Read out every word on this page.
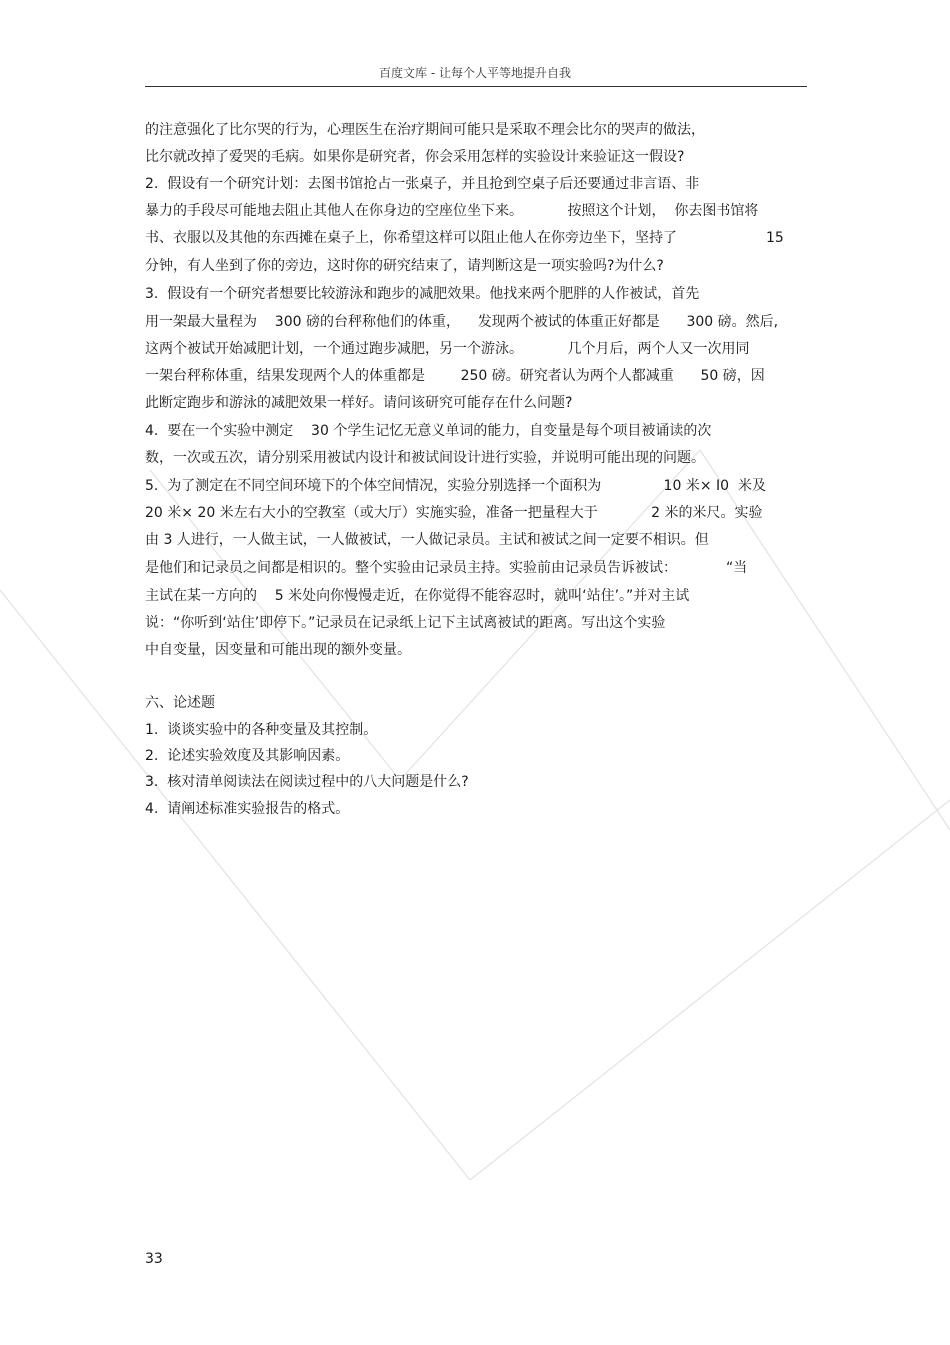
百度文库 - 让每个人平等地提升自我
的注意强化了比尔哭的行为，心理医生在治疗期间可能只是采取不理会比尔的哭声的做法，
比尔就改掉了爱哭的毛病。如果你是研究者，你会采用怎样的实验设计来验证这一假设?
2.  假设有一个研究计划：去图书馆抢占一张桌子，并且抢到空桌子后还要通过非言语、非
暴力的手段尽可能地去阻止其他人在你身边的空座位坐下来。          按照这个计划，  你去图书馆将
书、衣服以及其他的东西摊在桌子上，你希望这样可以阻止他人在你旁边坐下，坚持了                    15
分钟，有人坐到了你的旁边，这时你的研究结束了，请判断这是一项实验吗?为什么?
3.  假设有一个研究者想要比较游泳和跑步的减肥效果。他找来两个肥胖的人作被试，首先
用一架最大量程为    300 磅的台秤称他们的体重，    发现两个被试的体重正好都是      300 磅。然后,
这两个被试开始减肥计划，一个通过跑步减肥，另一个游泳。          几个月后，两个人又一次用同
一架台秤称体重，结果发现两个人的体重都是        250 磅。研究者认为两个人都减重      50 磅，因
此断定跑步和游泳的减肥效果一样好。请问该研究可能存在什么问题?
4.  要在一个实验中测定    30 个学生记忆无意义单词的能力，自变量是每个项目被诵读的次
数，一次或五次，请分别采用被试内设计和被试间设计进行实验，并说明可能出现的问题。
5.  为了测定在不同空间环境下的个体空间情况，实验分别选择一个面积为              10 米× I0  米及
20 米× 20 米左右大小的空教室（或大厅）实施实验，准备一把量程大于            2 米的米尺。实验
由 3 人进行，一人做主试，一人做被试，一人做记录员。主试和被试之间一定要不相识。但
是他们和记录员之间都是相识的。整个实验由记录员主持。实验前由记录员告诉被试：           “当
主试在某一方向的    5 米处向你慢慢走近，在你觉得不能容忍时，就叫‘站住’。”并对主试
说：“你听到‘站住’即停下。”记录员在记录纸上记下主试离被试的距离。写出这个实验
中自变量，因变量和可能出现的额外变量。
六、论述题
1.  谈谈实验中的各种变量及其控制。
2.  论述实验效度及其影响因素。
3.  核对清单阅读法在阅读过程中的八大问题是什么?
4.  请阐述标准实验报告的格式。
33
